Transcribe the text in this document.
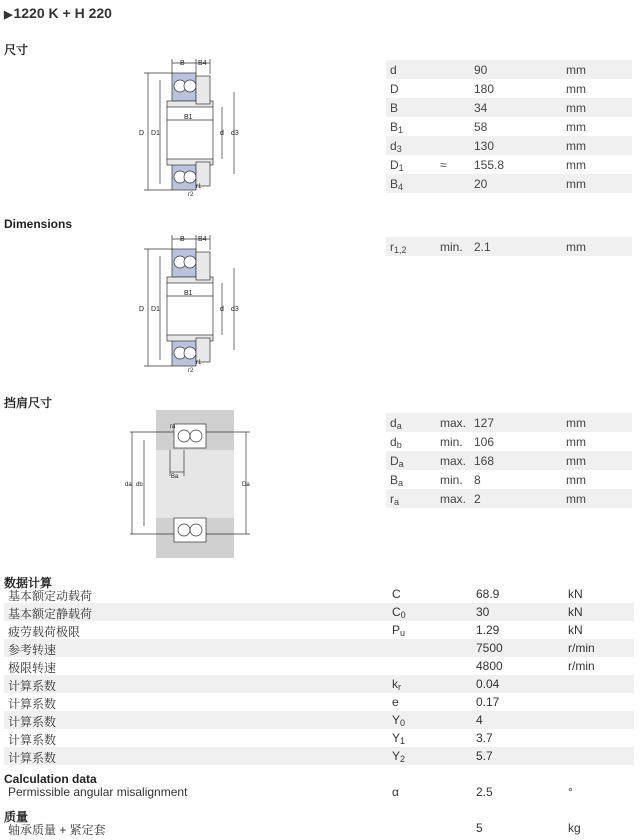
▶1220 K + H 220
尺寸
B B4
D D1
B1
d d3
r1
r2
d	90	mm
D	180	mm
B	34	mm
$B_1$	58	mm
$d_3$	130	mm
$D_1$	≈ 155.8	mm
$B_4$	20	mm
Dimensions
B B4
D D1
B1
d d3
r1
r2
$r_{1,2}$	min. 2.1	mm
挡肩尺寸
ra
Ba
da db	Da
$d_a$	max. 127	mm
$d_b$	min. 106	mm
$D_a$	max. 168	mm
$B_a$	min. 8	mm
$r_a$	max. 2	mm
数据计算
基本额定动载荷	C	68.9	kN
基本额定静载荷	$C_0$	30	kN
疲劳载荷极限	$P_u$	1.29	kN
参考转速	7500	r/min
极限转速	4800	r/min
计算系数	$k_r$	0.04
计算系数	e	0.17
计算系数	$Y_0$	4
计算系数	$Y_1$	3.7
计算系数	$Y_2$	5.7
Calculation data
Permissible angular misalignment	α	2.5	°
质量
轴承质量 + 紧定套	5	kg
